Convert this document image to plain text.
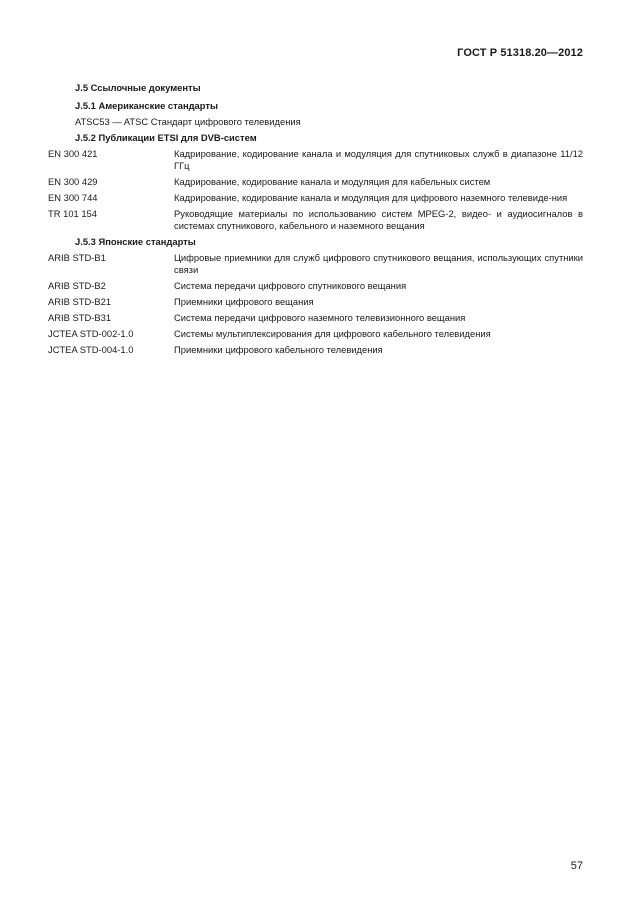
ГОСТ Р 51318.20—2012
J.5 Ссылочные документы
J.5.1 Американские стандарты
ATSC53 — ATSC Стандарт цифрового телевидения
J.5.2 Публикации ETSI для DVB-систем
EN 300 421	Кадрирование, кодирование канала и модуляция для спутниковых служб в диапазоне 11/12 ГГц
EN 300 429	Кадрирование, кодирование канала и модуляция для кабельных систем
EN 300 744	Кадрирование, кодирование канала и модуляция для цифрового наземного телевиде-ния
TR 101 154	Руководящие материалы по использованию систем MPEG-2, видео- и аудиосигналов в системах спутникового, кабельного и наземного вещания
J.5.3 Японские стандарты
ARIB STD-B1	Цифровые приемники для служб цифрового спутникового вещания, использующих спутники связи
ARIB STD-B2	Система передачи цифрового спутникового вещания
ARIB STD-B21	Приемники цифрового вещания
ARIB STD-B31	Система передачи цифрового наземного телевизионного вещания
JCTEA STD-002-1.0	Системы мультиплексирования для цифрового кабельного телевидения
JCTEA STD-004-1.0	Приемники цифрового кабельного телевидения
57
